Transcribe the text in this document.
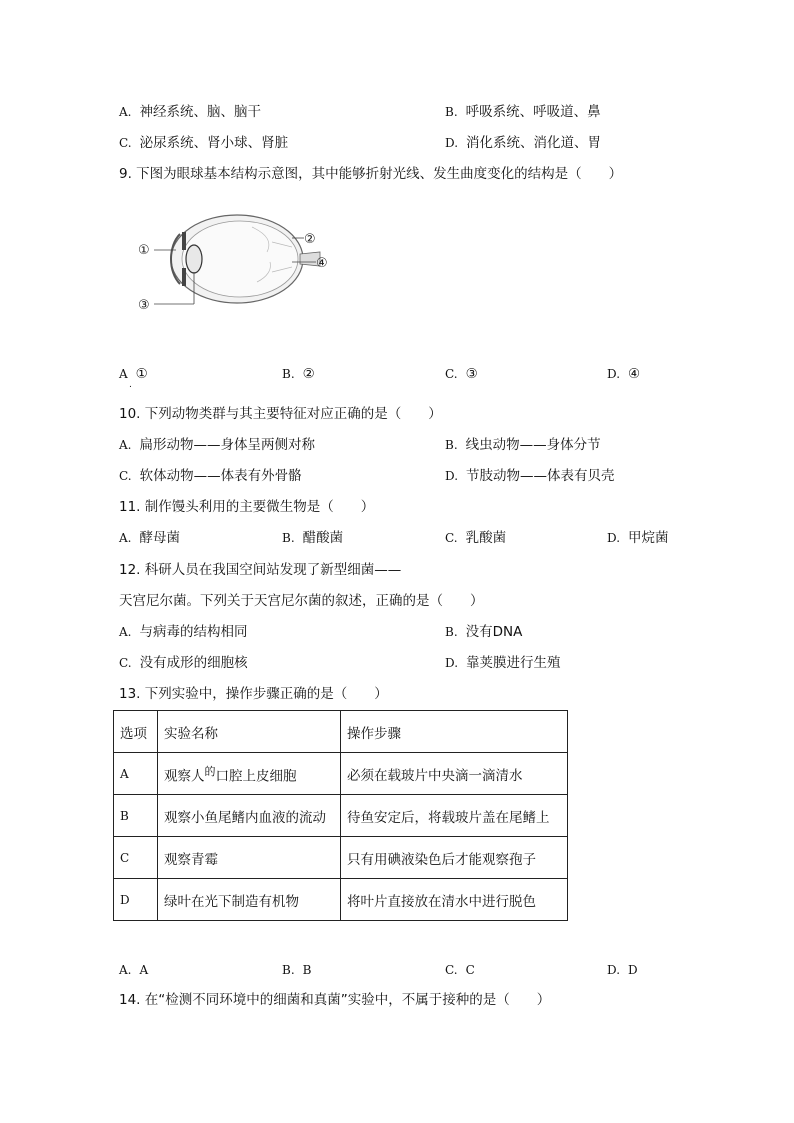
A. 神经系统、脑、脑干	B. 呼吸系统、呼吸道、鼻
C. 泌尿系统、肾小球、肾脏	D. 消化系统、消化道、胃
9. 下图为眼球基本结构示意图，其中能够折射光线、发生曲度变化的结构是（　　）
①
②
③
④
A ①
.
B. ②	C. ③	D. ④
10. 下列动物类群与其主要特征对应正确的是（　　）
A. 扁形动物——身体呈两侧对称	B. 线虫动物——身体分节
C. 软体动物——体表有外骨骼	D. 节肢动物——体表有贝壳
11. 制作馒头利用的主要微生物是（　　）
A. 酵母菌	B. 醋酸菌	C. 乳酸菌	D. 甲烷菌
12. 科研人员在我国空间站发现了新型细菌——
天宫尼尔菌。下列关于天宫尼尔菌的叙述，正确的是（　　）
A. 与病毒的结构相同	B. 没有DNA
C. 没有成形的细胞核	D. 靠荚膜进行生殖
13. 下列实验中，操作步骤正确的是（　　）
选项	实验名称	操作步骤
A	观察人$^的$口腔上皮细胞	必须在载玻片中央滴一滴清水
B	观察小鱼尾鳍内血液的流动	待鱼安定后，将载玻片盖在尾鳍上
C	观察青霉	只有用碘液染色后才能观察孢子
D	绿叶在光下制造有机物	将叶片直接放在清水中进行脱色
A. A	B. B	C. C	D. D
14. 在“检测不同环境中的细菌和真菌”实验中，不属于接种的是（　　）
